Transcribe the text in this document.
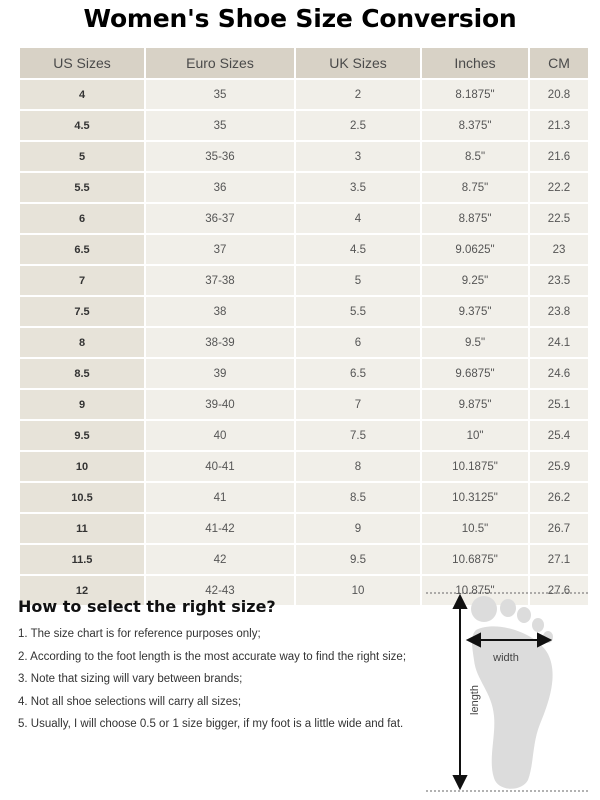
Women's Shoe Size Conversion
US Sizes	Euro Sizes	UK Sizes	Inches	CM
4	35	2	8.1875"	20.8
4.5	35	2.5	8.375"	21.3
5	35-36	3	8.5"	21.6
5.5	36	3.5	8.75"	22.2
6	36-37	4	8.875"	22.5
6.5	37	4.5	9.0625"	23
7	37-38	5	9.25"	23.5
7.5	38	5.5	9.375"	23.8
8	38-39	6	9.5"	24.1
8.5	39	6.5	9.6875"	24.6
9	39-40	7	9.875"	25.1
9.5	40	7.5	10"	25.4
10	40-41	8	10.1875"	25.9
10.5	41	8.5	10.3125"	26.2
11	41-42	9	10.5"	26.7
11.5	42	9.5	10.6875"	27.1
12	42-43	10	10.875"	27.6
How to select the right size?
1. The size chart is for reference purposes only;
2. According to the foot length is the most accurate way to find the right size;
3. Note that sizing will vary between brands;
4. Not all shoe selections will carry all sizes;
5. Usually, I will choose 0.5 or 1 size bigger, if my foot is a little wide and fat.
width
length
